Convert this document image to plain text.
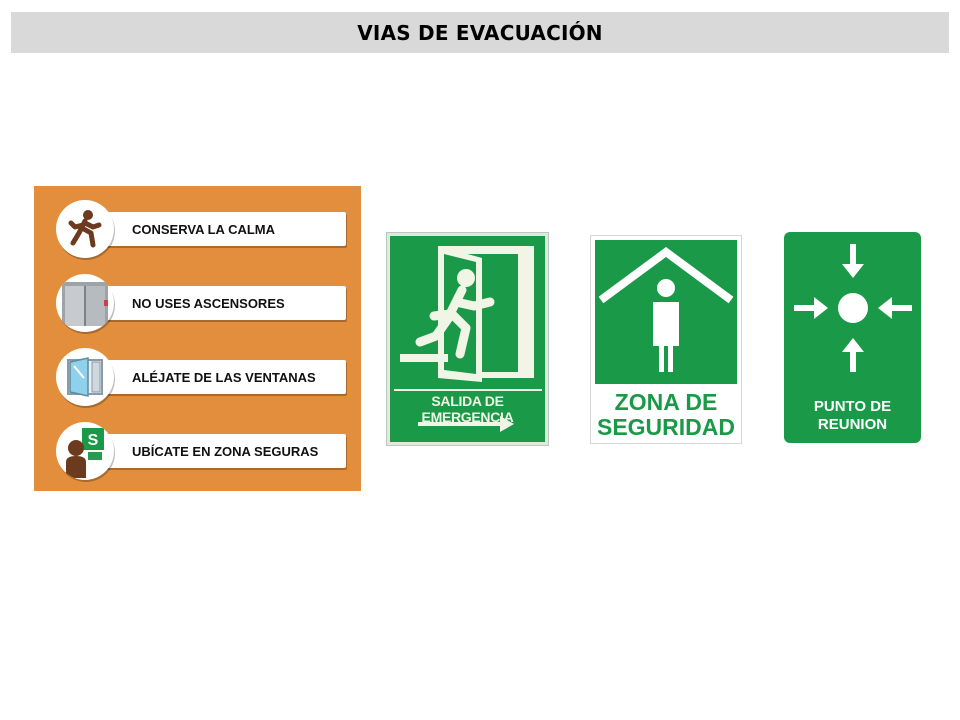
VIAS DE EVACUACIÓN
CONSERVA LA CALMA
NO USES ASCENSORES
ALÉJATE DE LAS VENTANAS
UBÍCATE EN ZONA SEGURAS
S
SALIDA DE EMERGENCIA
ZONA DE
SEGURIDAD
PUNTO DE
REUNION
